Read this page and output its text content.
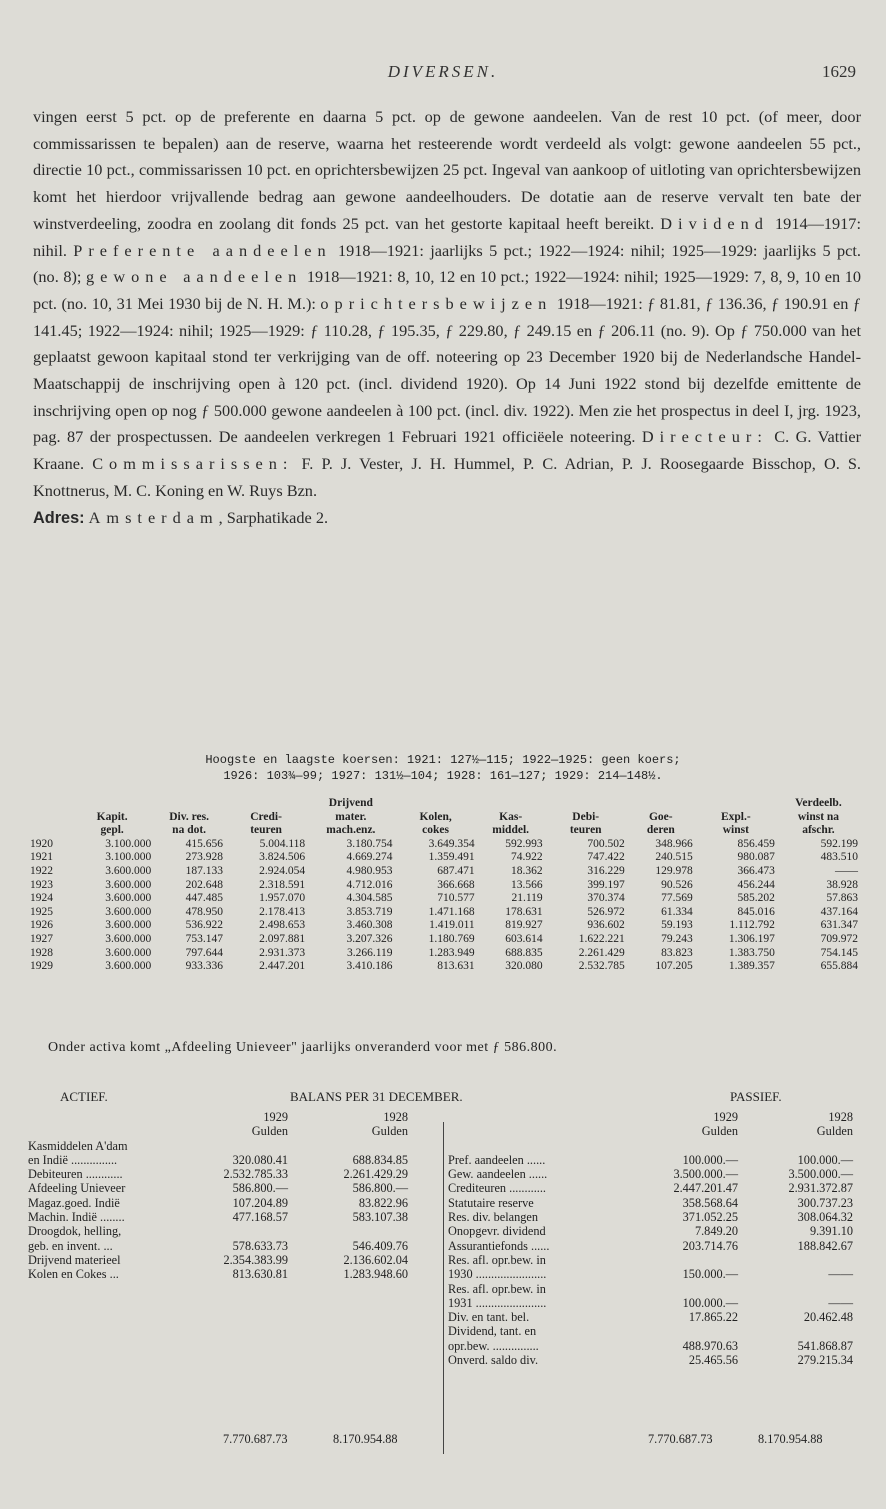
DIVERSEN.	1629
vingen eerst 5 pct. op de preferente en daarna 5 pct. op de gewone aandeelen. Van de rest 10 pct. (of meer, door commissarissen te bepalen) aan de reserve, waarna het resteerende wordt verdeeld als volgt: gewone aandeelen 55 pct., directie 10 pct., commissarissen 10 pct. en oprichtersbewijzen 25 pct. Ingeval van aankoop of uitloting van oprichtersbewijzen komt het hierdoor vrijvallende bedrag aan gewone aandeelhouders. De dotatie aan de reserve vervalt ten bate der winstverdeeling, zoodra en zoolang dit fonds 25 pct. van het gestorte kapitaal heeft bereikt. Dividend 1914—1917: nihil. Preferente aandeelen 1918—1921: jaarlijks 5 pct.; 1922—1924: nihil; 1925—1929: jaarlijks 5 pct. (no. 8); gewone aandeelen 1918—1921: 8, 10, 12 en 10 pct.; 1922—1924: nihil; 1925—1929: 7, 8, 9, 10 en 10 pct. (no. 10, 31 Mei 1930 bij de N. H. M.): oprichtersbewijzen 1918—1921: ƒ 81.81, ƒ 136.36, ƒ 190.91 en ƒ 141.45; 1922—1924: nihil; 1925—1929: ƒ 110.28, ƒ 195.35, ƒ 229.80, ƒ 249.15 en ƒ 206.11 (no. 9). Op ƒ 750.000 van het geplaatst gewoon kapitaal stond ter verkrijging van de off. noteering op 23 December 1920 bij de Nederlandsche Handel-Maatschappij de inschrijving open à 120 pct. (incl. dividend 1920). Op 14 Juni 1922 stond bij dezelfde emittente de inschrijving open op nog ƒ 500.000 gewone aandeelen à 100 pct. (incl. div. 1922). Men zie het prospectus in deel I, jrg. 1923, pag. 87 der prospectussen. De aandeelen verkregen 1 Februari 1921 officiëele noteering. Directeur: C. G. Vattier Kraane. Commissarissen: F. P. J. Vester, J. H. Hummel, P. C. Adrian, P. J. Roosegaarde Bisschop, O. S. Knottnerus, M. C. Koning en W. Ruys Bzn.
Adres: Amsterdam, Sarphatikade 2.
Hoogste en laagste koersen: 1921: 127½—115; 1922—1925: geen koers;
1926: 103¾—99; 1927: 131½—104; 1928: 161—127; 1929: 214—148½.
				Drijvend						Verdeelb.
	Kapit.	Div. res.	Credi-	mater.	Kolen,	Kas-	Debi-	Goe-	Expl.-	winst na
	gepl.	na dot.	teuren	mach.enz.	cokes	middel.	teuren	deren	winst	afschr.
1920	3.100.000	415.656	5.004.118	3.180.754	3.649.354	592.993	700.502	348.966	856.459	592.199
1921	3.100.000	273.928	3.824.506	4.669.274	1.359.491	74.922	747.422	240.515	980.087	483.510
1922	3.600.000	187.133	2.924.054	4.980.953	687.471	18.362	316.229	129.978	366.473	——
1923	3.600.000	202.648	2.318.591	4.712.016	366.668	13.566	399.197	90.526	456.244	38.928
1924	3.600.000	447.485	1.957.070	4.304.585	710.577	21.119	370.374	77.569	585.202	57.863
1925	3.600.000	478.950	2.178.413	3.853.719	1.471.168	178.631	526.972	61.334	845.016	437.164
1926	3.600.000	536.922	2.498.653	3.460.308	1.419.011	819.927	936.602	59.193	1.112.792	631.347
1927	3.600.000	753.147	2.097.881	3.207.326	1.180.769	603.614	1.622.221	79.243	1.306.197	709.972
1928	3.600.000	797.644	2.931.373	3.266.119	1.283.949	688.835	2.261.429	83.823	1.383.750	754.145
1929	3.600.000	933.336	2.447.201	3.410.186	813.631	320.080	2.532.785	107.205	1.389.357	655.884
Onder activa komt „Afdeeling Unieveer" jaarlijks onveranderd voor met ƒ 586.800.
ACTIEF.	BALANS PER 31 DECEMBER.	PASSIEF.
1929	1928
Gulden	Gulden
Kasmiddelen A'dam
en Indië ...............	320.080.41	688.834.85
Debiteuren ............	2.532.785.33	2.261.429.29
Afdeeling Unieveer	586.800.—	586.800.—
Magaz.goed. Indië	107.204.89	83.822.96
Machin. Indië ........	477.168.57	583.107.38
Droogdok, helling,
geb. en invent. ...	578.633.73	546.409.76
Drijvend materieel	2.354.383.99	2.136.602.04
Kolen en Cokes ...	813.630.81	1.283.948.60
1929	1928
Gulden	Gulden
Pref. aandeelen ......	100.000.—	100.000.—
Gew. aandeelen ......	3.500.000.—	3.500.000.—
Crediteuren ............	2.447.201.47	2.931.372.87
Statutaire reserve	358.568.64	300.737.23
Res. div. belangen	371.052.25	308.064.32
Onopgevr. dividend	7.849.20	9.391.10
Assurantiefonds ......	203.714.76	188.842.67
Res. afl. opr.bew. in
1930 .......................	150.000.—	——
Res. afl. opr.bew. in
1931 .......................	100.000.—	——
Div. en tant. bel.	17.865.22	20.462.48
Dividend, tant. en
opr.bew. ...............	488.970.63	541.868.87
Onverd. saldo div.	25.465.56	279.215.34
7.770.687.73	8.170.954.88	7.770.687.73	8.170.954.88
